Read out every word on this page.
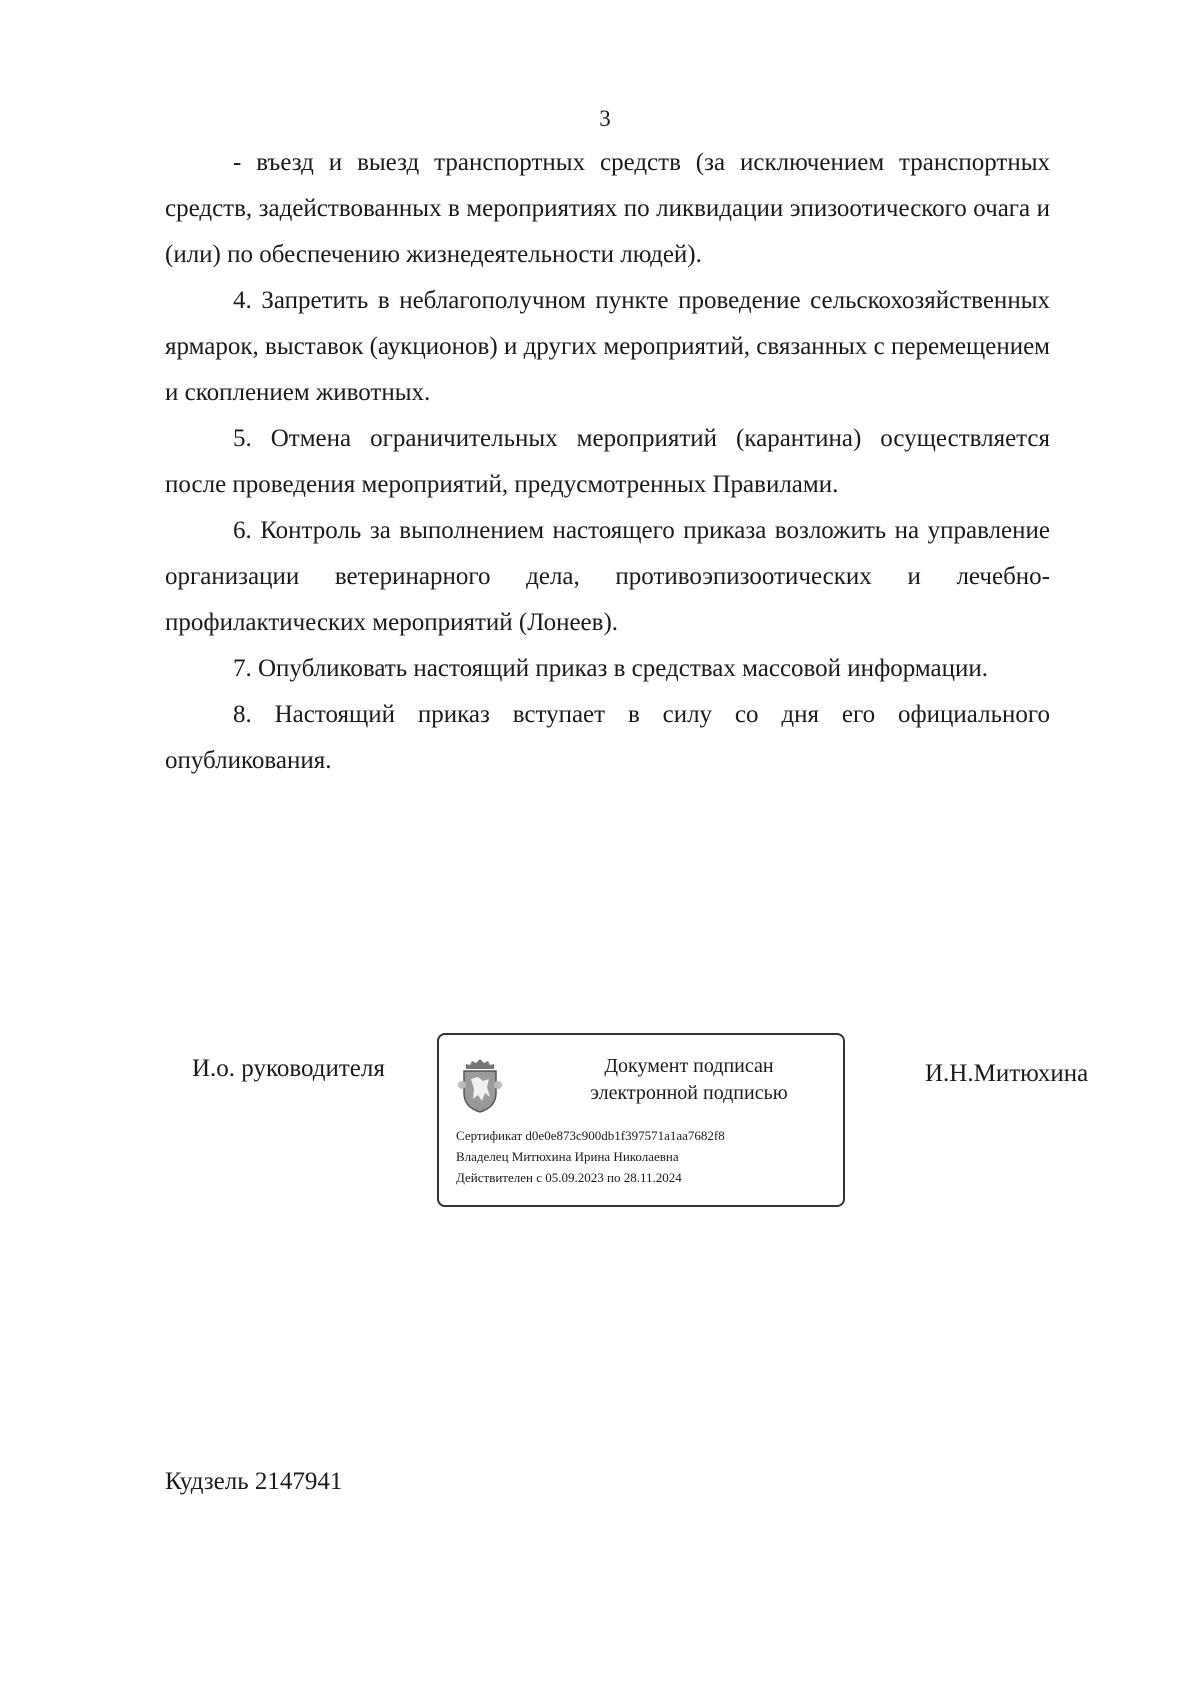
3

- въезд и выезд транспортных средств (за исключением транспортных средств, задействованных в мероприятиях по ликвидации эпизоотического очага и (или) по обеспечению жизнедеятельности людей).

4. Запретить в неблагополучном пункте проведение сельскохозяйственных ярмарок, выставок (аукционов) и других мероприятий, связанных с перемещением и скоплением животных.

5. Отмена ограничительных мероприятий (карантина) осуществляется после проведения мероприятий, предусмотренных Правилами.

6. Контроль за выполнением настоящего приказа возложить на управление организации ветеринарного дела, противоэпизоотических и лечебно-профилактических мероприятий (Лонеев).

7. Опубликовать настоящий приказ в средствах массовой информации.

8. Настоящий приказ вступает в силу со дня его официального опубликования.

И.о. руководителя	Документ подписан
электронной подписью
Сертификат d0e0e873c900db1f397571a1aa7682f8
Владелец Митюхина Ирина Николаевна
Действителен с 05.09.2023 по 28.11.2024
И.Н.Митюхина
Кудзель 2147941
